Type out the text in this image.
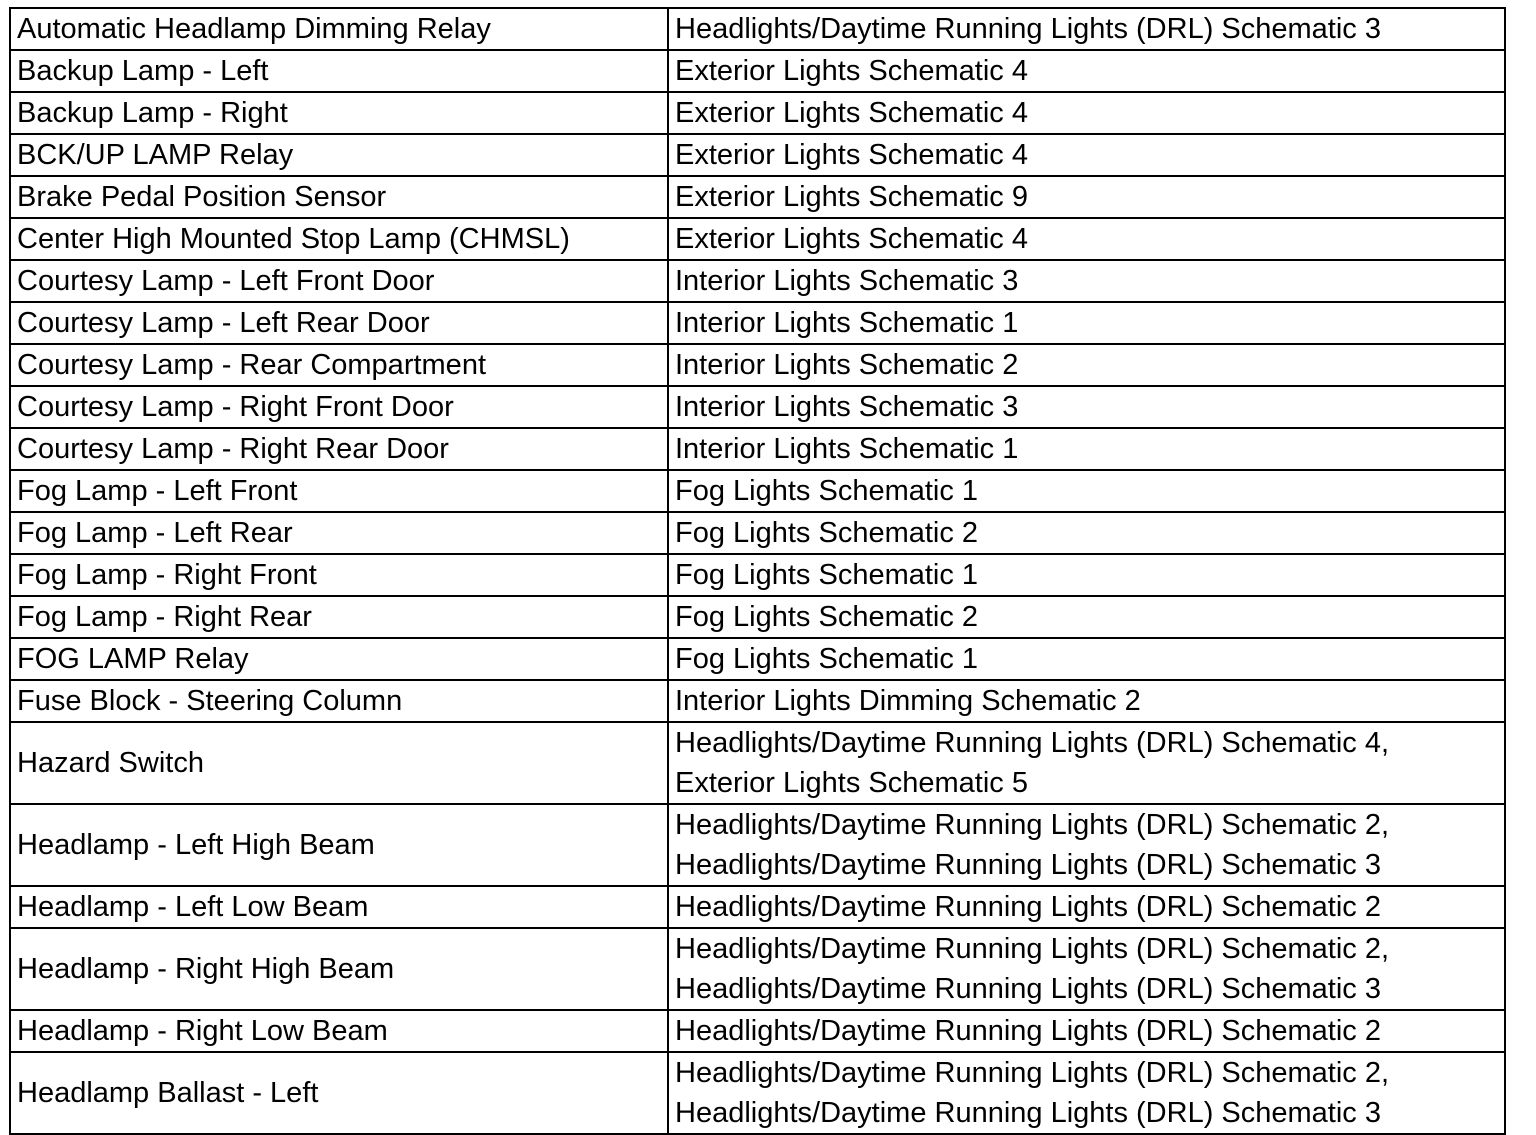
Automatic Headlamp Dimming Relay	Headlights/Daytime Running Lights (DRL) Schematic 3

Backup Lamp - Left	Exterior Lights Schematic 4

Backup Lamp - Right	Exterior Lights Schematic 4

BCK/UP LAMP Relay	Exterior Lights Schematic 4

Brake Pedal Position Sensor	Exterior Lights Schematic 9

Center High Mounted Stop Lamp (CHMSL)	Exterior Lights Schematic 4

Courtesy Lamp - Left Front Door	Interior Lights Schematic 3

Courtesy Lamp - Left Rear Door	Interior Lights Schematic 1

Courtesy Lamp - Rear Compartment	Interior Lights Schematic 2

Courtesy Lamp - Right Front Door	Interior Lights Schematic 3

Courtesy Lamp - Right Rear Door	Interior Lights Schematic 1

Fog Lamp - Left Front	Fog Lights Schematic 1

Fog Lamp - Left Rear	Fog Lights Schematic 2

Fog Lamp - Right Front	Fog Lights Schematic 1

Fog Lamp - Right Rear	Fog Lights Schematic 2

FOG LAMP Relay	Fog Lights Schematic 1

Fuse Block - Steering Column	Interior Lights Dimming Schematic 2

Hazard Switch	Headlights/Daytime Running Lights (DRL) Schematic 4,
Exterior Lights Schematic 5

Headlamp - Left High Beam	Headlights/Daytime Running Lights (DRL) Schematic 2,
Headlights/Daytime Running Lights (DRL) Schematic 3

Headlamp - Left Low Beam	Headlights/Daytime Running Lights (DRL) Schematic 2

Headlamp - Right High Beam	Headlights/Daytime Running Lights (DRL) Schematic 2,
Headlights/Daytime Running Lights (DRL) Schematic 3

Headlamp - Right Low Beam	Headlights/Daytime Running Lights (DRL) Schematic 2

Headlamp Ballast - Left	Headlights/Daytime Running Lights (DRL) Schematic 2,
Headlights/Daytime Running Lights (DRL) Schematic 3
